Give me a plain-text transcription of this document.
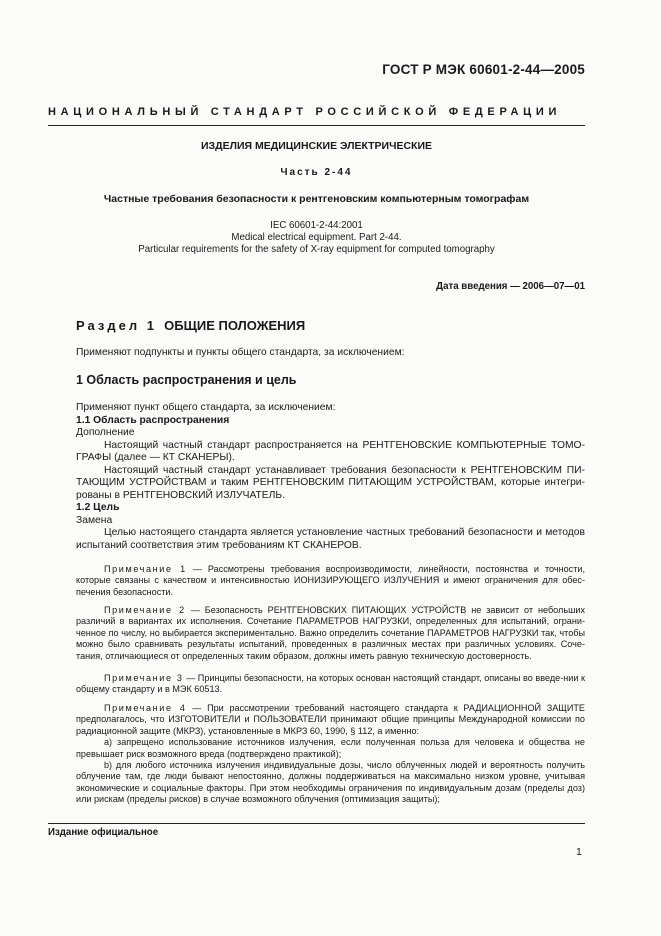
ГОСТ Р МЭК 60601-2-44—2005
НАЦИОНАЛЬНЫЙ СТАНДАРТ РОССИЙСКОЙ ФЕДЕРАЦИИ
ИЗДЕЛИЯ МЕДИЦИНСКИЕ ЭЛЕКТРИЧЕСКИЕ
Часть 2-44
Частные требования безопасности к рентгеновским компьютерным томографам
IEC 60601-2-44:2001
Medical electrical equipment. Part 2-44.
Particular requirements for the safety of X-ray equipment for computed tomography
Дата введения — 2006—07—01
Раздел 1 ОБЩИЕ ПОЛОЖЕНИЯ
Применяют подпункты и пункты общего стандарта, за исключением:
1 Область распространения и цель
Применяют пункт общего стандарта, за исключением:
1.1 Область распространения
Дополнение
Настоящий частный стандарт распространяется на РЕНТГЕНОВСКИЕ КОМПЬЮТЕРНЫЕ ТОМО-ГРАФЫ (далее — КТ СКАНЕРЫ).
Настоящий частный стандарт устанавливает требования безопасности к РЕНТГЕНОВСКИМ ПИ-ТАЮЩИМ УСТРОЙСТВАМ и таким РЕНТГЕНОВСКИМ ПИТАЮЩИМ УСТРОЙСТВАМ, которые интегри-рованы в РЕНТГЕНОВСКИЙ ИЗЛУЧАТЕЛЬ.
1.2 Цель
Замена
Целью настоящего стандарта является установление частных требований безопасности и методов испытаний соответствия этим требованиям КТ СКАНЕРОВ.
Примечание 1 — Рассмотрены требования воспроизводимости, линейности, постоянства и точности, которые связаны с качеством и интенсивностью ИОНИЗИРУЮЩЕГО ИЗЛУЧЕНИЯ и имеют ограничения для обес-печения безопасности.
Примечание 2 — Безопасность РЕНТГЕНОВСКИХ ПИТАЮЩИХ УСТРОЙСТВ не зависит от небольших различий в вариантах их исполнения. Сочетание ПАРАМЕТРОВ НАГРУЗКИ, определенных для испытаний, ограни-ченное по числу, но выбирается экспериментально. Важно определить сочетание ПАРАМЕТРОВ НАГРУЗКИ так, чтобы можно было сравнивать результаты испытаний, проведенных в различных местах при различных условиях. Соче-тания, отличающиеся от определенных таким образом, должны иметь равную техническую достоверность.
Примечание 3 — Принципы безопасности, на которых основан настоящий стандарт, описаны во введе-нии к общему стандарту и в МЭК 60513.
Примечание 4 — При рассмотрении требований настоящего стандарта к РАДИАЦИОННОЙ ЗАЩИТЕ предполагалось, что ИЗГОТОВИТЕЛИ и ПОЛЬЗОВАТЕЛИ принимают общие принципы Международной комиссии по радиационной защите (МКРЗ), установленные в МКРЗ 60, 1990, § 112, а именно:
а) запрещено использование источников излучения, если полученная польза для человека и общества не превышает риск возможного вреда (подтверждено практикой);
b) для любого источника излучения индивидуальные дозы, число облученных людей и вероятность получить облучение там, где люди бывают непостоянно, должны поддерживаться на максимально низком уровне, учитывая экономические и социальные факторы. При этом необходимы ограничения по индивидуальным дозам (пределы доз) или рискам (пределы рисков) в случае возможного облучения (оптимизация защиты);
Издание официальное
1
